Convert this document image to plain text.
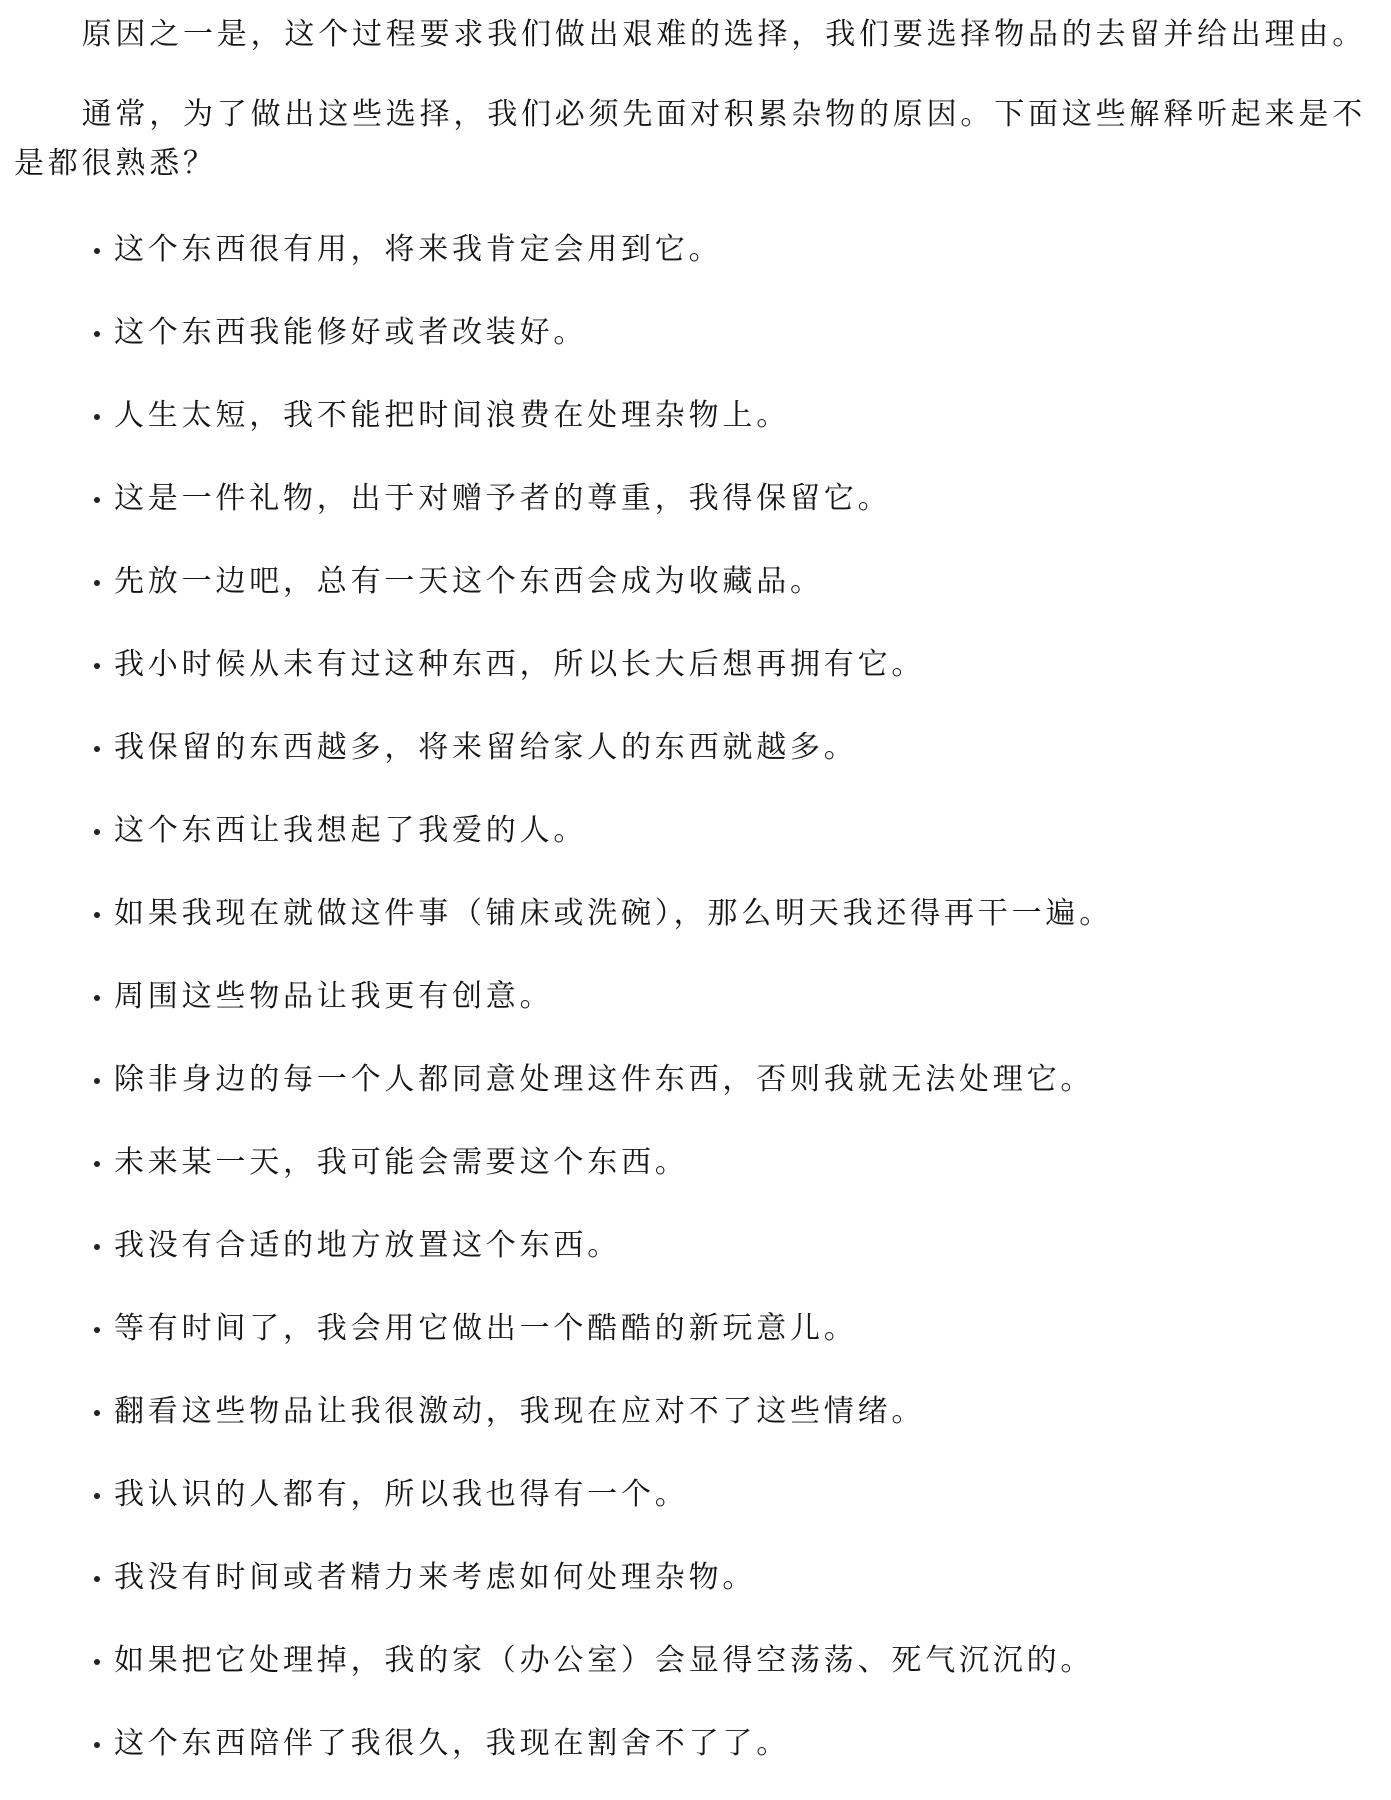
原因之一是，这个过程要求我们做出艰难的选择，我们要选择物品的去留并给出理由。

通常，为了做出这些选择，我们必须先面对积累杂物的原因。下面这些解释听起来是不是都很熟悉？

这个东西很有用，将来我肯定会用到它。
这个东西我能修好或者改装好。
人生太短，我不能把时间浪费在处理杂物上。
这是一件礼物，出于对赠予者的尊重，我得保留它。
先放一边吧，总有一天这个东西会成为收藏品。
我小时候从未有过这种东西，所以长大后想再拥有它。
我保留的东西越多，将来留给家人的东西就越多。
这个东西让我想起了我爱的人。
如果我现在就做这件事（铺床或洗碗），那么明天我还得再干一遍。
周围这些物品让我更有创意。
除非身边的每一个人都同意处理这件东西，否则我就无法处理它。
未来某一天，我可能会需要这个东西。
我没有合适的地方放置这个东西。
等有时间了，我会用它做出一个酷酷的新玩意儿。
翻看这些物品让我很激动，我现在应对不了这些情绪。
我认识的人都有，所以我也得有一个。
我没有时间或者精力来考虑如何处理杂物。
如果把它处理掉，我的家（办公室）会显得空荡荡、死气沉沉的。
这个东西陪伴了我很久，我现在割舍不了了。
